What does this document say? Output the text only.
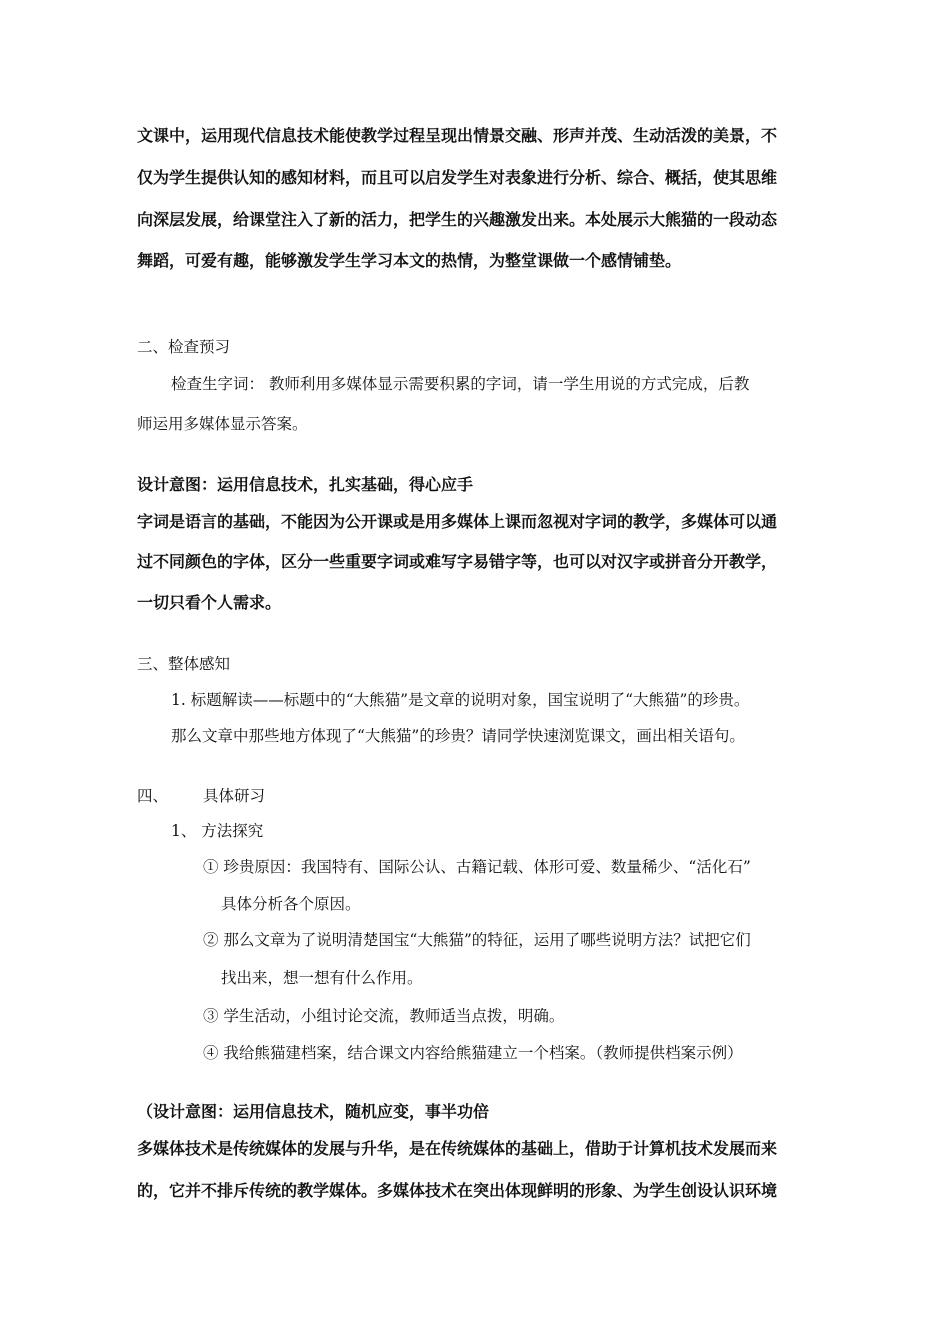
文课中，运用现代信息技术能使教学过程呈现出情景交融、形声并茂、生动活泼的美景，不
仅为学生提供认知的感知材料，而且可以启发学生对表象进行分析、综合、概括，使其思维
向深层发展，给课堂注入了新的活力，把学生的兴趣激发出来。本处展示大熊猫的一段动态
舞蹈，可爱有趣，能够激发学生学习本文的热情，为整堂课做一个感情铺垫。
二、检查预习
检查生字词： 教师利用多媒体显示需要积累的字词，请一学生用说的方式完成，后教
师运用多媒体显示答案。
设计意图：运用信息技术，扎实基础，得心应手
字词是语言的基础，不能因为公开课或是用多媒体上课而忽视对字词的教学，多媒体可以通
过不同颜色的字体，区分一些重要字词或难写字易错字等，也可以对汉字或拼音分开教学，
一切只看个人需求。
三、整体感知
1. 标题解读——标题中的“大熊猫”是文章的说明对象，国宝说明了“大熊猫”的珍贵。
那么文章中那些地方体现了“大熊猫”的珍贵？请同学快速浏览课文，画出相关语句。
四、 具体研习
1、 方法探究
① 珍贵原因：我国特有、国际公认、古籍记载、体形可爱、数量稀少、“活化石”
具体分析各个原因。
② 那么文章为了说明清楚国宝“大熊猫”的特征，运用了哪些说明方法？试把它们
找出来，想一想有什么作用。
③ 学生活动，小组讨论交流，教师适当点拨，明确。
④ 我给熊猫建档案，结合课文内容给熊猫建立一个档案。（教师提供档案示例）
（设计意图：运用信息技术，随机应变，事半功倍
多媒体技术是传统媒体的发展与升华，是在传统媒体的基础上，借助于计算机技术发展而来
的，它并不排斥传统的教学媒体。多媒体技术在突出体现鲜明的形象、为学生创设认识环境
